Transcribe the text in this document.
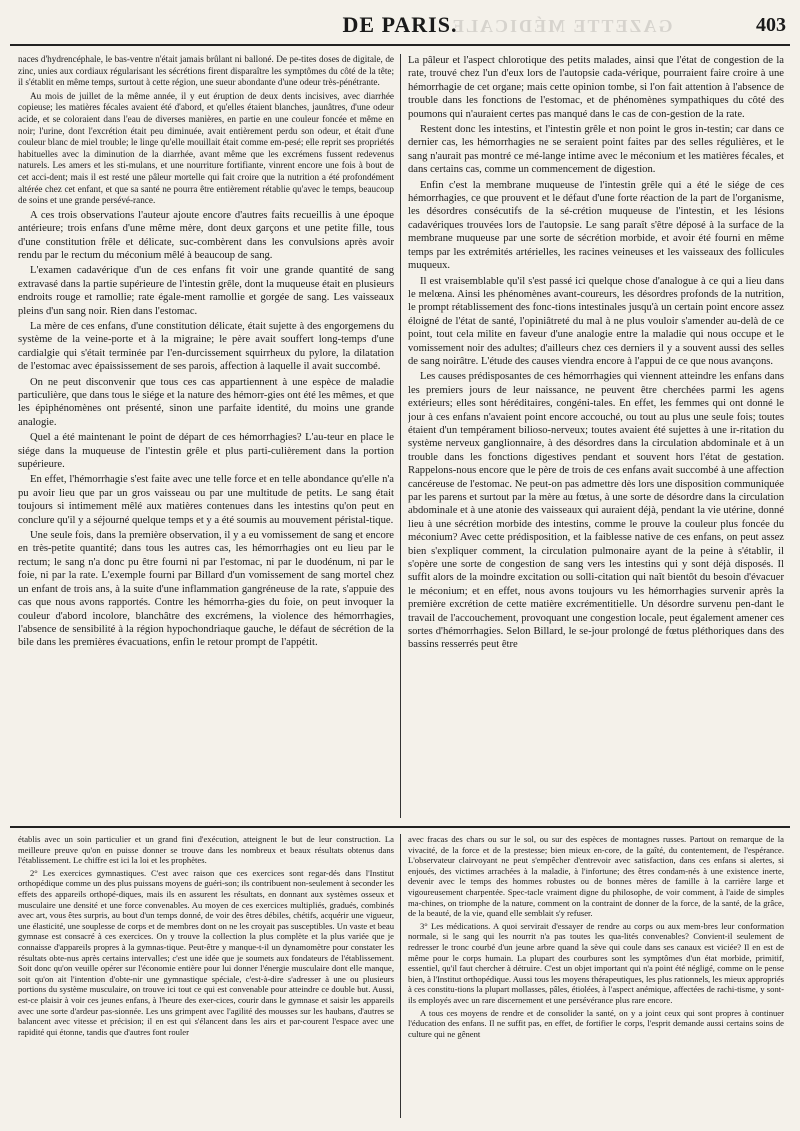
GAZETTE MÉDICALE
DE PARIS.	403

naces d'hydrencéphale, le bas-ventre n'était jamais brûlant ni balloné. De pe-tites doses de digitale, de zinc, unies aux cordiaux régularisant les sécrétions firent disparaître les symptômes du côté de la tête; il s'établit en même temps, surtout à cette région, une sueur abondante d'une odeur très-pénétrante.

Au mois de juillet de la même année, il y eut éruption de deux dents incisives, avec diarrhée copieuse; les matières fécales avaient été d'abord, et qu'elles étaient blanches, jaunâtres, d'une odeur acide, et se coloraient dans l'eau de diverses manières, en partie en une couleur foncée et même en noir; l'urine, dont l'excrétion était peu diminuée, avait entièrement perdu son odeur, et était d'une couleur blanc de miel trouble; le linge qu'elle mouillait était comme em-pesé; elle reprit ses propriétés habituelles avec la diminution de la diarrhée, avant même que les excrémens fussent redevenus naturels. Les amers et les sti-mulans, et une nourriture fortifiante, vinrent encore une fois à bout de cet acci-dent; mais il est resté une pâleur mortelle qui fait croire que la nutrition a été profondément altérée chez cet enfant, et que sa santé ne pourra être entièrement rétablie qu'avec le temps, beaucoup de soins et une grande persévé-rance.

A ces trois observations l'auteur ajoute encore d'autres faits recueillis à une époque antérieure; trois enfans d'une même mère, dont deux garçons et une petite fille, tous d'une constitution frêle et délicate, suc-combèrent dans les convulsions après avoir rendu par le rectum du méconium mêlé à beaucoup de sang.

L'examen cadavérique d'un de ces enfans fit voir une grande quantité de sang extravasé dans la partie supérieure de l'intestin grêle, dont la muqueuse était en plusieurs endroits rouge et ramollie; rate égale-ment ramollie et gorgée de sang. Les vaisseaux pleins d'un sang noir. Rien dans l'estomac.

La mère de ces enfans, d'une constitution délicate, était sujette à des engorgemens du système de la veine-porte et à la migraine; le père avait souffert long-temps d'une cardialgie qui s'était terminée par l'en-durcissement squirrheux du pylore, la dilatation de l'estomac avec épaississement de ses parois, affection à laquelle il avait succombé.

On ne peut disconvenir que tous ces cas appartiennent à une espèce de maladie particulière, que dans tous le siége et la nature des hémorr-gies ont été les mêmes, et que les épiphénomènes ont présenté, sinon une parfaite identité, du moins une grande analogie.

Quel a été maintenant le point de départ de ces hémorrhagies? L'au-teur en place le siége dans la muqueuse de l'intestin grêle et plus parti-culièrement dans la portion supérieure.

En effet, l'hémorrhagie s'est faite avec une telle force et en telle abondance qu'elle n'a pu avoir lieu que par un gros vaisseau ou par une multitude de petits. Le sang était toujours si intimement mêlé aux matières contenues dans les intestins qu'on peut en conclure qu'il y a séjourné quelque temps et y a été soumis au mouvement péristal-tique.

Une seule fois, dans la première observation, il y a eu vomissement de sang et encore en très-petite quantité; dans tous les autres cas, les hémorrhagies ont eu lieu par le rectum; le sang n'a donc pu être fourni ni par l'estomac, ni par le duodénum, ni par le foie, ni par la rate. L'exemple fourni par Billard d'un vomissement de sang mortel chez un enfant de trois ans, à la suite d'une inflammation gangréneuse de la rate, s'appuie des cas que nous avons rapportés. Contre les hémorrha-gies du foie, on peut invoquer la couleur d'abord incolore, blanchâtre des excrémens, la violence des hémorrhagies, l'absence de sensibilité à la région hypochondriaque gauche, le défaut de sécrétion de la bile dans les premières évacuations, enfin le retour prompt de l'appétit.

La pâleur et l'aspect chlorotique des petits malades, ainsi que l'état de congestion de la rate, trouvé chez l'un d'eux lors de l'autopsie cada-vérique, pourraient faire croire à une hémorrhagie de cet organe; mais cette opinion tombe, si l'on fait attention à l'absence de trouble dans les fonctions de l'estomac, et de phénomènes sympathiques du côté des poumons qui n'auraient certes pas manqué dans le cas de con-gestion de la rate.

Restent donc les intestins, et l'intestin grêle et non point le gros in-testin; car dans ce dernier cas, les hémorrhagies ne se seraient point faites par des selles régulières, et le sang n'aurait pas montré ce mé-lange intime avec le méconium et les matières fécales, et dans certains cas, comme un commencement de digestion.

Enfin c'est la membrane muqueuse de l'intestin grêle qui a été le siége de ces hémorrhagies, ce que prouvent et le défaut d'une forte réaction de la part de l'organisme, les désordres consécutifs de la sé-crétion muqueuse de l'intestin, et les lésions cadavériques trouvées lors de l'autopsie. Le sang paraît s'être déposé à la surface de la membrane muqueuse par une sorte de sécrétion morbide, et avoir été fourni en même temps par les extrémités artérielles, les racines veineuses et les vaisseaux des follicules muqueux.

Il est vraisemblable qu'il s'est passé ici quelque chose d'analogue à ce qui a lieu dans le melœna. Ainsi les phénomènes avant-coureurs, les désordres profonds de la nutrition, le prompt rétablissement des fonc-tions intestinales jusqu'à un certain point encore assez éloigné de l'état de santé, l'opiniâtreté du mal à ne plus vouloir s'amender au-delà de ce point, tout cela milite en faveur d'une analogie entre la maladie qui nous occupe et le vomissement noir des adultes; d'ailleurs chez ces derniers il y a souvent aussi des selles de sang noirâtre. L'étude des causes viendra encore à l'appui de ce que nous avançons.

Les causes prédisposantes de ces hémorrhagies qui viennent atteindre les enfans dans les premiers jours de leur naissance, ne peuvent être cherchées parmi les agens extérieurs; elles sont héréditaires, congéni-tales. En effet, les femmes qui ont donné le jour à ces enfans n'avaient point encore accouché, ou tout au plus une seule fois; toutes étaient d'un tempérament bilioso-nerveux; toutes avaient été sujettes à une ir-ritation du système nerveux ganglionnaire, à des désordres dans la circulation abdominale et à un trouble dans les fonctions digestives pendant et souvent hors l'état de gestation. Rappelons-nous encore que le père de trois de ces enfans avait succombé à une affection cancéreuse de l'estomac. Ne peut-on pas admettre dès lors une disposition communiquée par les parens et surtout par la mère au fœtus, à une sorte de désordre dans la circulation abdominale et à une atonie des vaisseaux qui auraient déjà, pendant la vie utérine, donné lieu à une sécrétion morbide des intestins, comme le prouve la couleur plus foncée du méconium? Avec cette prédisposition, et la faiblesse native de ces enfans, on peut assez bien s'expliquer comment, la circulation pulmonaire ayant de la peine à s'établir, il s'opère une sorte de congestion de sang vers les intestins qui y sont déjà disposés. Il suffit alors de la moindre excitation ou solli-citation qui naît bientôt du besoin d'évacuer le méconium; et en effet, nous avons toujours vu les hémorrhagies survenir après la première excrétion de cette matière excrémentitielle. Un désordre survenu pen-dant le travail de l'accouchement, provoquant une congestion locale, peut également amener ces sortes d'hémorrhagies. Selon Billard, le se-jour prolongé de fœtus pléthoriques dans des bassins resserrés peut être

établis avec un soin particulier et un grand fini d'exécution, atteignent le but de leur construction. La meilleure preuve qu'on en puisse donner se trouve dans les nombreux et beaux résultats obtenus dans l'établissement. Le chiffre est ici la loi et les prophètes.

2° Les exercices gymnastiques. C'est avec raison que ces exercices sont regar-dés dans l'Institut orthopédique comme un des plus puissans moyens de guéri-son; ils contribuent non-seulement à seconder les effets des appareils orthopé-diques, mais ils en assurent les résultats, en donnant aux systèmes osseux et musculaire une densité et une force convenables. Au moyen de ces exercices multipliés, gradués, combinés avec art, vous êtes surpris, au bout d'un temps donné, de voir des êtres débiles, chétifs, acquérir une vigueur, une élasticité, une souplesse de corps et de membres dont on ne les croyait pas susceptibles. Un vaste et beau gymnase est consacré à ces exercices. On y trouve la collection la plus complète et la plus variée que je connaisse d'appareils propres à la gymnas-tique. Peut-être y manque-t-il un dynamomètre pour constater les résultats obte-nus après certains intervalles; c'est une idée que je soumets aux fondateurs de l'établissement. Soit donc qu'on veuille opérer sur l'économie entière pour lui donner l'énergie musculaire dont elle manque, soit qu'on ait l'intention d'obte-nir une gymnastique spéciale, c'est-à-dire s'adresser à une ou plusieurs portions du système musculaire, on trouve ici tout ce qui est convenable pour atteindre ce double but. Aussi, est-ce plaisir à voir ces jeunes enfans, à l'heure des exer-cices, courir dans le gymnase et saisir les appareils avec une sorte d'ardeur pas-sionnée. Les uns grimpent avec l'agilité des mousses sur les haubans, d'autres se balancent avec vitesse et précision; il en est qui s'élancent dans les airs et par-courent l'espace avec une rapidité qui étonne, tandis que d'autres font rouler

avec fracas des chars ou sur le sol, ou sur des espèces de montagnes russes. Partout on remarque de la vivacité, de la force et de la prestesse; bien mieux en-core, de la gaîté, du contentement, de l'espérance. L'observateur clairvoyant ne peut s'empêcher d'entrevoir avec satisfaction, dans ces enfans si alertes, si enjoués, des victimes arrachées à la maladie, à l'infortune; des êtres condam-nés à une existence inerte, devenir avec le temps des hommes robustes ou de bonnes mères de famille à la carrière large et vigoureusement charpentée. Spec-tacle vraiment digne du philosophe, de voir comment, à l'aide de simples ma-chines, on triomphe de la nature, comment on la contraint de donner de la force, de la santé, de la grâce, de la beauté, de la vie, quand elle semblait s'y refuser.

3° Les médications. A quoi servirait d'essayer de rendre au corps ou aux mem-bres leur conformation normale, si le sang qui les nourrit n'a pas toutes les qua-lités convenables? Convient-il seulement de redresser le tronc courbé d'un jeune arbre quand la sève qui coule dans ses canaux est viciée? Il en est de même pour le corps humain. La plupart des courbures sont les symptômes d'un état morbide, primitif, essentiel, qu'il faut chercher à détruire. C'est un objet important qui n'a point été négligé, comme on le pense bien, à l'Institut orthopédique. Aussi tous les moyens thérapeutiques, les plus rationnels, les mieux appropriés à ces constitu-tions la plupart mollasses, pâles, étiolées, à l'aspect anémique, affectées de rachi-tisme, y sont-ils employés avec un rare discernement et une persévérance plus rare encore.

A tous ces moyens de rendre et de consolider la santé, on y a joint ceux qui sont propres à continuer l'éducation des enfans. Il ne suffit pas, en effet, de fortifier le corps, l'esprit demande aussi certains soins de culture qui ne gênent
